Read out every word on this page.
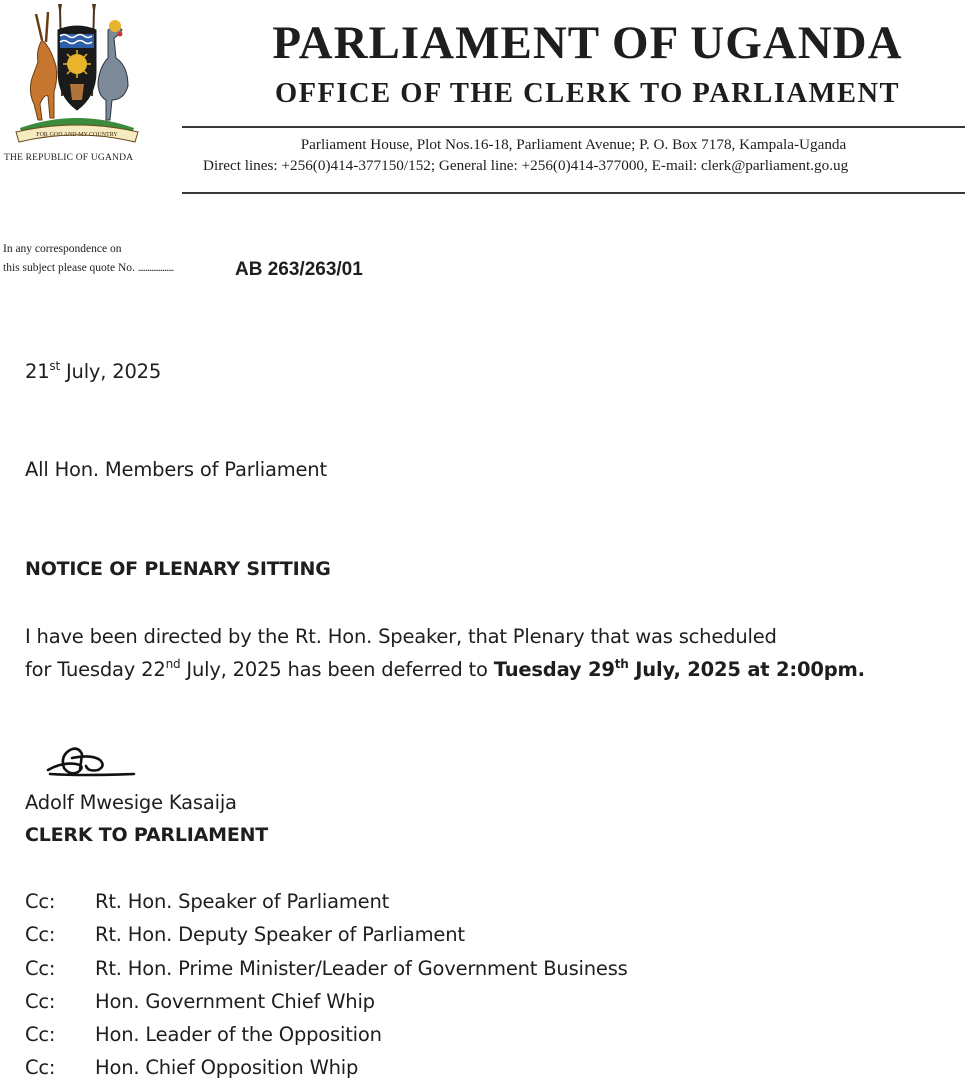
FOR GOD AND MY COUNTRY
THE REPUBLIC OF UGANDA
PARLIAMENT OF UGANDA
OFFICE OF THE CLERK TO PARLIAMENT
Parliament House, Plot Nos.16-18, Parliament Avenue; P. O. Box 7178, Kampala-Uganda
Direct lines: +256(0)414-377150/152; General line: +256(0)414-377000, E-mail: clerk@parliament.go.ug
In any correspondence on
this subject please quote No. ...................	AB 263/263/01
21st July, 2025
All Hon. Members of Parliament
NOTICE OF PLENARY SITTING
I have been directed by the Rt. Hon. Speaker, that Plenary that was scheduled
for Tuesday 22nd July, 2025 has been deferred to Tuesday 29th July, 2025 at 2:00pm.
Adolf Mwesige Kasaija
CLERK TO PARLIAMENT
Cc: Rt. Hon. Speaker of Parliament
Cc: Rt. Hon. Deputy Speaker of Parliament
Cc: Rt. Hon. Prime Minister/Leader of Government Business
Cc: Hon. Government Chief Whip
Cc: Hon. Leader of the Opposition
Cc: Hon. Chief Opposition Whip
